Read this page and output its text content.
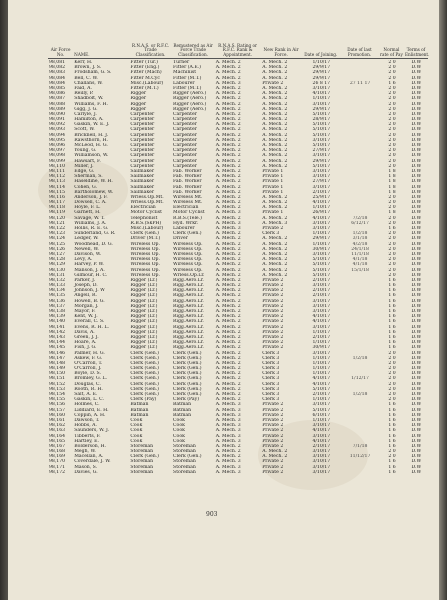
Air Force No.	NAME.
R.N.A.S. or R.F.C. Trade Classification.
Remustered as Air Force Trade Classification.
R.N.A.S. Rating or R.F.C. Rank & Appointment.
New Rank in Air Force.	Date of Joining.
Date of last Promotion.
Normal rate of Pay
Terms of Enlistment.
98,081	Kerr, H.	Fitter (Tur.)	Turner	A. Mech. 2	A. Mech. 2	1/10/17	2 0	D.W
98,082	Brown, J. S.	Fitter (Eng.)	Fitter (A.E.)	A. Mech. 2	A. Mech. 2	29/9/17	2 0	D.W
98,083	Frodsham, G. S.	Fitter (Mach)	Machinist	A. Mech. 2	A. Mech. 2	29/9/17	2 0	D.W
98,084	Bell, C. W.	Fitter M.Cyc	Fitter (M.T.)	A. Mech. 2	A. Mech. 2	29/9/17	2 0	D.W
98,084	Challans, W.	Misc.(Labour)	Labourer	A. Mech. 3	Private 2	26 8 17	27 11 17	1 6	D.W
98,085	Faid, A.	Fitter (M.T.)	Fitter (M.T.)	A. Mech. 2	A. Mech. 2	3/10/17	2 0	D.W
98,086	Reilly, P.	Rigger	Rigger (Aero.)	A. Mech. 2	A. Mech. 2	4/10/17	2 0	D.W
98,087	Shadbolt, W.	Rigger	Rigger (Aero.)	A. Mech. 2	A. Mech. 2	1/10/17	2 0	D.W
98,088	Williams, F. H.	Rigger	Rigger (Aero.)	A. Mech. 2	A. Mech. 2	3/10/17	2 0	D.W
98,089	Gigg, J. G.	Rigger	Rigger (Aero.)	A. Mech. 2	A. Mech. 2	29/9/17	2 0	D.W
98,090	Carlyle, J.	Carpenter	Carpenter	A. Mech. 2	A. Mech. 2	5/10/17	2 0	D.W
98,091	Hamilton, A.	Carpenter	Carpenter	A. Mech. 2	A. Mech. 2	28/9/17	2 0	D.W
98,092	Gaskin, W. E. J.	Carpenter	Carpenter	A. Mech. 2	A. Mech. 2	5/10/17	2 0	D.W
98,093	Scott, W.	Carpenter	Carpenter	A. Mech. 2	A. Mech. 2	5/10/17	2 0	D.W
98,094	Bricknell, H. J.	Carpenter	Carpenter	A. Mech. 2	A. Mech. 2	5/10/17	2 0	D.W
98,095	Rawsthorn, H.	Carpenter	Carpenter	A. Mech. 2	A. Mech. 2	3/10/17	2 0	D.W
98,096	McLeod, H. G.	Carpenter	Carpenter	A. Mech. 2	A. Mech. 2	5/10/17	2 0	D.W
98,097	Young, G.	Carpenter	Carpenter	A. Mech. 2	A. Mech. 2	27/9/17	2 0	D.W
98,098	Williamson, W.	Carpenter	Carpenter	A. Mech. 2	A. Mech. 2	3/10/17	2 0	D.W
98,099	Hawsart, F.	Carpenter	Carpenter	A. Mech. 2	A. Mech. 2	29/9/17	2 0	D.W
98,110	Miller, J.	Carpenter	Carpenter	A. Mech. 2	A. Mech. 2	5/10/17	2 0	D.W
98,111	Edge, G.	Sailmaker	Fab. Worker	A. Mech. 2	Private 1	3/10/17	1 8	D.W
98,112	Sherman, S.	Sailmaker	Fab. Worker	A. Mech. 2	Private 1	3/10/17	1 8	D.W
98,113	Haseldine, W. H.	Sailmaker	Fab. Worker	A. Mech. 2	Private 1	27/9/17	1 8	D.W
98,114	Cohen, G.	Sailmaker	Fab. Worker	A. Mech. 2	Private 1	3/10/17	1 8	D.W
98,115	Bartholomew, W.	Sailmaker	Fab. Worker	A. Mech. 2	Private 1	2/10/17	1 8	D.W
98,116	Anderson, J. F.	Wrless.Op.Mt.	Wireless Mt.	A. Mech. 2	A. Mech. 2	25/9/17	2 0	D.W
98,117	Dowsell, C. A.	Wrless.Op.Mt.	Wireless Mt.	A. Mech. 2	A. Mech. 2	4/10/17	2 0	D.W
98,118	Hoyle, F. L.	Electrician	Electrician	A. Mech. 2	A. Mech. 2	1/10/17	2 0	D.W
98,119	Garnett, H.	Motor Cyclist	Motor Cyclist	A. Mech. 3	Private 1	26/9/17	1 8	D.W
98,120	Savage, W. T.	Telephonist	R.B.S.(Tele.)	A. Mech. 2	A. Mech. 2	4/10/17	7/2/18	2 0	D.W
98,121	Williams, J. A.	R.B.S.(SkPH)	Hyd. Wrkr.	A. Mech. 3	A. Mech. 3	3/10/17	6/12/17	2 0	D.W
98,122	Hollis, R. E. G.	Misc.(Labour)	Labourer	A. Mech. 3	Private 2	3/10/17	1 6	D.W
98,123	Sunderland, G. R.	Clerk (Gen.)	Clerk (Gen.)	A. Mech. 2	Clerk 3	1/10/17	1/2/18	2 0	D.W
98,124	Ledger, W.	Driver (M.T.)	Driver	A. Mech. 2	A. Mech. 2	29/9/17	3/1/18	2 0	D.W
98,125	Woodhead, D. G.	Wireless Op.	Wireless Op.	A. Mech. 2	A. Mech. 2	1/10/17	4/2/18	2 0	D.W
98,126	Newell, W.	Wireless Op.	Wireless Op.	A. Mech. 2	A. Mech. 2	30/9/17	24/1/18	2 0	D.W
98,127	Davison, W.	Wireless Op.	Wireless Op.	A. Mech. 2	A. Mech. 2	3/10/17	11/1/18	2 0	D.W
98,128	Levy, A.	Wireless Op.	Wireless Op.	A. Mech. 2	A. Mech. 2	5/10/17	4/1/18	2 0	D.W
98,129	Harvey, P. W.	Wireless Op.	Wireless Op.	A. Mech. 2	A. Mech. 2	5/10/17	4/1/18	2 0	D.W
98,130	Manson, J. A.	Wireless Op.	Wireless Op.	A. Mech. 2	A. Mech. 2	5/10/17	15/1/18	2 0	D.W
98,131	Gilmour, H. C.	Wireless Op.	Wrless.Op.Lr.	A. Mech. 2	A. Mech. 2	5/10/17	2 0	D.W
98,132	Parker, J.	Rigger (Lr.)	Rigg.Aero.Lr.	A. Mech. 2	Private 2	2/10/17	1 6	D.W
98,133	Joseph, D.	Rigger (Lr.)	Rigg.Aero.Lr.	A. Mech. 2	Private 2	3/10/17	1 6	D.W
98,134	Johnson, J. W	Rigger (Lr.)	Rigg.Aero.Lr.	A. Mech. 2	Private 2	2/10/17	1 6	D.W
98,135	Angell, R.	Rigger (Lr.)	Rigg.Aero.Lr.	A. Mech. 2	Private 2	2/10/17	1 6	D.W
98,136	Howell, B. G.	Rigger (Lr.)	Rigg.Aero.Lr.	A. Mech. 2	Private 2	3/10/17	1 6	D.W
98,137	Morgan, J.	Rigger (Lr.)	Rigg.Aero.Lr.	A. Mech. 2	Private 2	3/10/17	1 6	D.W
98,138	Mayor, F.	Rigger (Lr.)	Rigg.Aero.Lr.	A. Mech. 2	Private 2	3/10/17	1 6	D.W
98,139	Kent, W. J.	Rigger (Lr.)	Rigg.Aero.Lr.	A. Mech. 2	Private 2	4/10/17	1 6	D.W
98,140	Everall, C. S.	Rigger (Lr.)	Rigg.Aero.Lr.	A. Mech. 2	Private 2	4/10/17	1 6	D.W
98,141	Evens, R. H. L.	Rigger (Lr.)	Rigg.Aero.Lr.	A. Mech. 2	Private 2	3/10/17	1 6	D.W
98,142	Davis, A.	Rigger (Lr.)	Rigg.Aero.Lr.	A. Mech. 2	Private 2	1/10/17	1 6	D.W
98,143	Green, J. J.	Rigger (Lr.)	Rigg.Aero.Lr.	A. Mech. 2	Private 2	2/10/17	1 6	D.W
98,144	Hoare, A.	Rigger (Lr.)	Rigg.Aero.Lr.	A. Mech. 2	Private 2	1/10/17	1 6	D.W
98,145	Fish, J. G.	Rigger (Lr.)	Rigg.Aero.Lr.	A. Mech. 2	Private 2	30/9/17	1 6	D.W
98,146	Palmer, H. G.	Clerk (Gen.)	Clerk (Gen.)	A. Mech. 2	Clerk 3	3/10/17	2 0	D.W
98,147	Askew, F. G.	Clerk (Gen.)	Clerk (Gen.)	A. Mech. 2	Clerk 3	1/10/17	1/2/18	2 0	D.W
98,148	O'Carroll, T.	Clerk (Gen.)	Clerk (Gen.)	A. Mech. 2	Clerk 3	1/10/17	2 0	D.W
98,149	O'Carroll, J.	Clerk (Gen.)	Clerk (Gen.)	A. Mech. 2	Clerk 3	1/10/17	2 0	D.W
98,150	Boyle, D. S.	Clerk (Gen.)	Clerk (Gen.)	A. Mech. 2	Clerk 3	1/10/17	2 0	D.W
98,151	Bromley, G. L.	Clerk (Gen.)	Clerk (Gen.)	A. Mech. 2	Clerk 3	4/10/17	1/12/17	2 0	D.W
98,152	Douglas, C.	Clerk (Gen.)	Clerk (Gen.)	A. Mech. 2	Clerk 3	4/10/17	2 0	D.W
98,153	Rooth, R. H.	Clerk (Gen.)	Clerk (Gen.)	A. Mech. 2	Clerk 3	5/10/17	2 0	D.W
98,154	Salt, A. E.	Clerk (Gen.)	Clerk (Gen.)	A. Mech. 2	Clerk 3	2/10/17	1/2/18	2 0	D.W
98,155	Gaskin, L. C.	Clerk (Pay)	Clerk (Pay)	A. Mech. 2	Clerk 3	1/10/17	2 0	D.W
98,156	Holmes, C.	Batman	Batman	A. Mech. 3	Private 2	3/10/17	1 6	D.W
98,157	Liddiard, E. H.	Batman	Batman	A. Mech. 3	Private 2	5/10/17	1 6	D.W
98,160	Coppin, A. H.	Batman	Batman	A. Mech. 3	Private 2	6/10/17	1 6	D.W
98,161	Dawson, T.	Cook	Cook	A. Mech. 3	Private 2	1/10/17	1 6	D.W
98,162	Hobbs, A.	Cook	Cook	A. Mech. 3	Private 2	3/10/17	1 6	D.W
98,163	Saunders, W. J.	Cook	Cook	A. Mech. 3	Private 2	4/10/17	1 6	D.W
98,164	Tibberts, F.	Cook	Cook	A. Mech. 3	Private 2	3/10/17	1 6	D.W
98,165	Hartley, E.	Cook	Cook	A. Mech. 3	Private 2	4/10/17	1 6	D.W
98,167	Bolderson, H.	Storeman	Storeman	A. Mech. 2	Private 2	2/10/17	7/1/18	1 6	D.W
98,168	Megh, W.	Storeman	Storeman	A. Mech. 2	A. Mech. 2	3/10/17	2 0	D.W
98,169	Macellan, A.	Clerk (Gen.)	Clerk (Gen.)	A. Mech. 2	A. Mech. 2	3/10/17	11/12/17	2 0	D.W
98,170	Coverdale, J. W.	Storeman	Storeman	A. Mech. 3	Private 2	3/10/17	1 6	D.W
98,171	Mason, S.	Storeman	Storeman	A. Mech. 3	Private 2	3/10/17	1 6	D.W
98,172	Davies, G.	Storeman	Storeman	A. Mech. 3	Private 2	3/10/17	1 6	D.W
903
